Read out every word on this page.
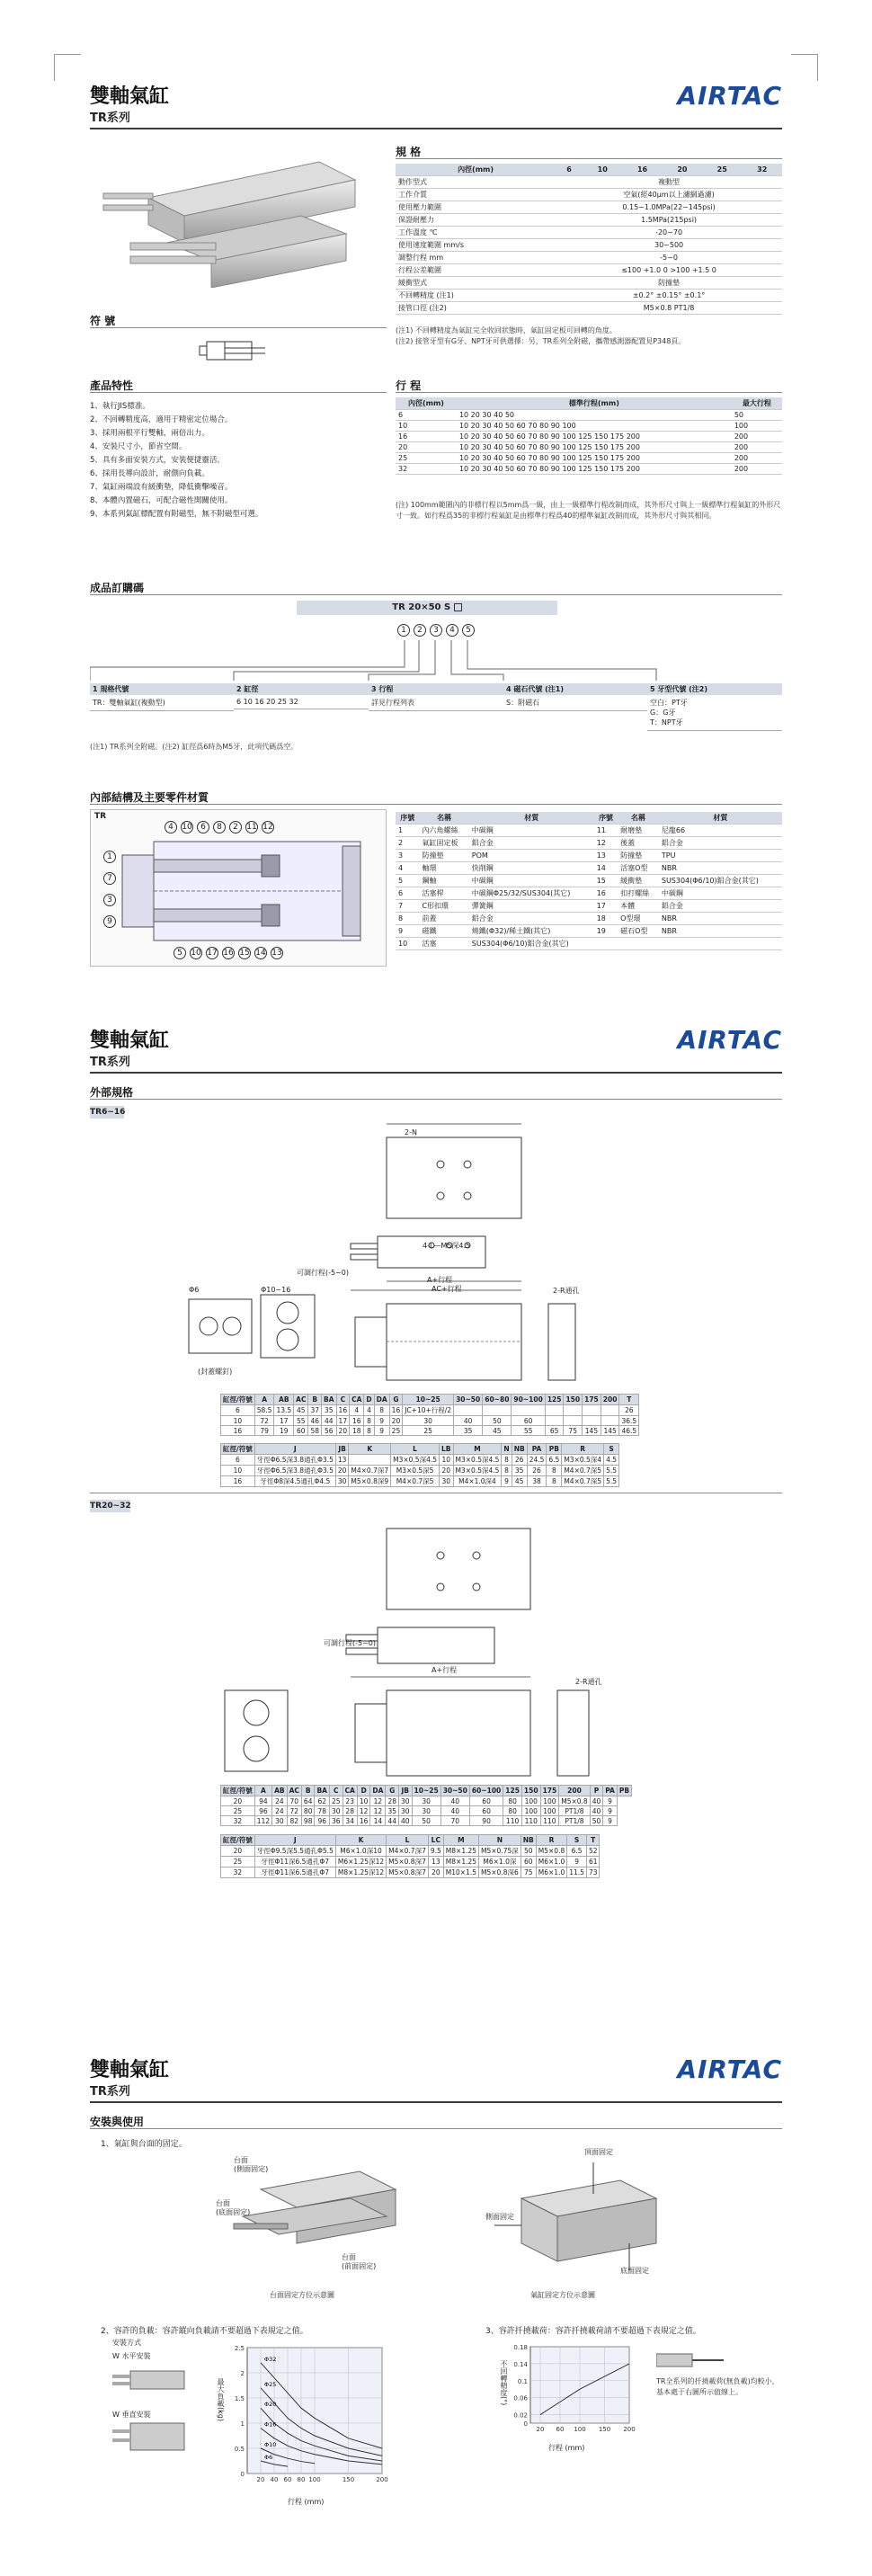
雙軸氣缸
TR系列
AIRTAC
符 號
產品特性
1、執行JIS標准。
2、不回轉精度高，適用于精密定位場合。
3、採用兩根平行雙軸，兩倍出力。
4、安裝尺寸小，節省空間。
5、具有多面安裝方式，安裝便捷靈活。
6、採用長導向設計，耐側向負載。
7、氣缸兩端設有緩衝墊，降低衝擊噪音。
8、本體內置磁石，可配合磁性開關使用。
9、本系列氣缸標配置有附磁型，無不附磁型可選。
規 格
內徑(mm)	6	10	16	20	25	32
動作型式	複動型					
工作介質	空氣(經40μm以上濾網過濾)					
使用壓力範圍	0.15~1.0MPa(22~145psi)					
保證耐壓力	1.5MPa(215psi)					
工作溫度 ℃	-20~70					
使用速度範圍 mm/s	30~500					
調整行程 mm	-5~0					
行程公差範圍	≤100 +1.0 0 >100 +1.5 0					
緩衝型式	防撞墊					
不回轉精度 (注1)	±0.2° ±0.15° ±0.1°					
接管口徑 (注2)	M5×0.8 PT1/8					
(注1) 不回轉精度為氣缸完全收回狀態時，氣缸固定板可回轉的角度。
(注2) 接管牙型有G牙、NPT牙可供選擇：另，TR系列全附磁，攜帶感測器配置見P348頁。
行 程
內徑(mm)	標準行程(mm)	最大行程
6	10 20 30 40 50	50
10	10 20 30 40 50 60 70 80 90 100	100
16	10 20 30 40 50 60 70 80 90 100 125 150 175 200	200
20	10 20 30 40 50 60 70 80 90 100 125 150 175 200	200
25	10 20 30 40 50 60 70 80 90 100 125 150 175 200	200
32	10 20 30 40 50 60 70 80 90 100 125 150 175 200	200
(注) 100mm範圍內的非標行程以5mm爲一級，由上一級標準行程改制而成，其外形尺寸與上一級標準行程氣缸的外形尺寸一致。如行程爲35的非標行程氣缸是由標準行程爲40的標準氣缸改制而成，其外形尺寸與其相同。
成品訂購碼
TR 20×50 S
1 2 3 4 5
1 規格代號
TR：雙軸氣缸(複動型)
2 缸徑
6 10 16 20 25 32
3 行程
詳見行程列表
4 磁石代號 (注1)
S：附磁石
5 牙型代號 (注2)
空白：PT牙
G：G牙
T：NPT牙
(注1) TR系列全附磁。(注2) 缸徑爲6時為M5牙，此項代碼爲空。
內部結構及主要零件材質
TR
4 10 6 8 2 11 12
5 10 17 16 15 14 13
1
7
3
9
序號	名稱	材質	序號	名稱	材質
1	內六角螺絲	中碳鋼	11	耐磨墊	尼龍66
2	氣缸固定板	鋁合金	12	後蓋	鋁合金
3	防撞墊	POM	13	防撞墊	TPU
4	軸環	快削鋼	14	活塞O型	NBR
5	鋼軸	中碳鋼	15	緩衝墊	SUS304(Φ6/10)鋁合金(其它)
6	活塞桿	中碳鋼Φ25/32/SUS304(其它)	16	扣打螺絲	中碳鋼
7	C形扣環	彈簧鋼	17	本體	鋁合金
8	前蓋	鋁合金	18	O型環	NBR
9	磁鐵	燒鐵(Φ32)/稀土鐵(其它)	19	磁石O型	NBR
10	活塞	SUS304(Φ6/10)鋁合金(其它)			
雙軸氣缸
TR系列
AIRTAC
外部規格
TR6~16
2-N
4-L—M5深4.5
可調行程(-5~0)
Φ6	Φ10~16
(封蓋螺釘)
A+行程
AC+行程	2-R通孔
缸徑/符號	A	AB	AC	B	BA	C	CA	D	DA	G	10~25	30~50	60~80	90~100	125	150	175	200	T
6	58.5	13.5	45	37	35	16	4	4	8	16	JC+10+行程/2								26
10	72	17	55	46	44	17	16	8	9	20	30	40	50	60					36.5
16	79	19	60	58	56	20	18	8	9	25	25	35	45	55	65	75	145	145	46.5
缸徑/符號	J	JB	K	L	LB	M	N	NB	PA	PB	R	S
6	牙徑Φ6.5深3.8通孔Φ3.5	13		M3×0.5深4.5	10	M3×0.5深4.5	8	26	24.5	6.5	M3×0.5深4	4.5
10	牙徑Φ6.5深3.8通孔Φ3.5	20	M4×0.7深7	M3×0.5深5	20	M3×0.5深4.5	8	35	26	8	M4×0.7深5	5.5
16	牙徑Φ8深4.5通孔Φ4.5	30	M5×0.8深9	M4×0.7深5	30	M4×1.0深4	9	45	38	8	M4×0.7深5	5.5
TR20~32
可調行程(-5~0)
A+行程
2-R通孔
缸徑/符號	A	AB	AC	B	BA	C	CA	D	DA	G	JB	10~25	30~50	60~100	125	150	175	200	P	PA	PB
20	94	24	70	64	62	25	23	10	12	28	30	30	40	60	80	100	100	M5×0.8	40	9	
25	96	24	72	80	78	30	28	12	12	35	30	30	40	60	80	100	100	PT1/8	40	9	
32	112	30	82	98	96	36	34	16	14	44	40	50	70	90	110	110	110	PT1/8	50	9	
缸徑/符號	J	K	L	LC	M	N	NB	R	S	T
20	牙徑Φ9.5深5.5通孔Φ5.5	M6×1.0深10	M4×0.7深7	9.5	M8×1.25	M5×0.75深	50	M5×0.8	6.5	52
25	牙徑Φ11深6.5通孔Φ7	M6×1.25深12	M5×0.8深7	13	M8×1.25	M6×1.0深	60	M6×1.0	9	61
32	牙徑Φ11深6.5通孔Φ7	M8×1.25深12	M5×0.8深7	20	M10×1.5	M5×0.8深6	75	M6×1.0	11.5	73
雙軸氣缸
TR系列
AIRTAC
安裝與使用
1、氣缸與台面的固定。
台面
(側面固定)
台面
(底面固定)
台面
(前面固定)
台面固定方位示意圖
頂面固定
側面固定
底面固定
氣缸固定方位示意圖
2、容許的負載：容許縱向負載請不要超過下表規定之值。
安裝方式
W 水平安裝
W 垂直安裝
0
0.5
1
1.5
2
2.5
20 40 60 80 100	150	200
Φ32
Φ25
Φ20
Φ16
Φ10
Φ6
最大負載(kg)
行程 (mm)
3、容許扦撓載荷：容許扦撓載荷請不要超過下表規定之值。
0
0.02
0.06
0.1
0.14
0.18
20 60 100 150 200
不回轉精度(°)
行程 (mm)
TR全系列的扦撓載荷(無負載)均較小，基本處于右圖所示值線上。
